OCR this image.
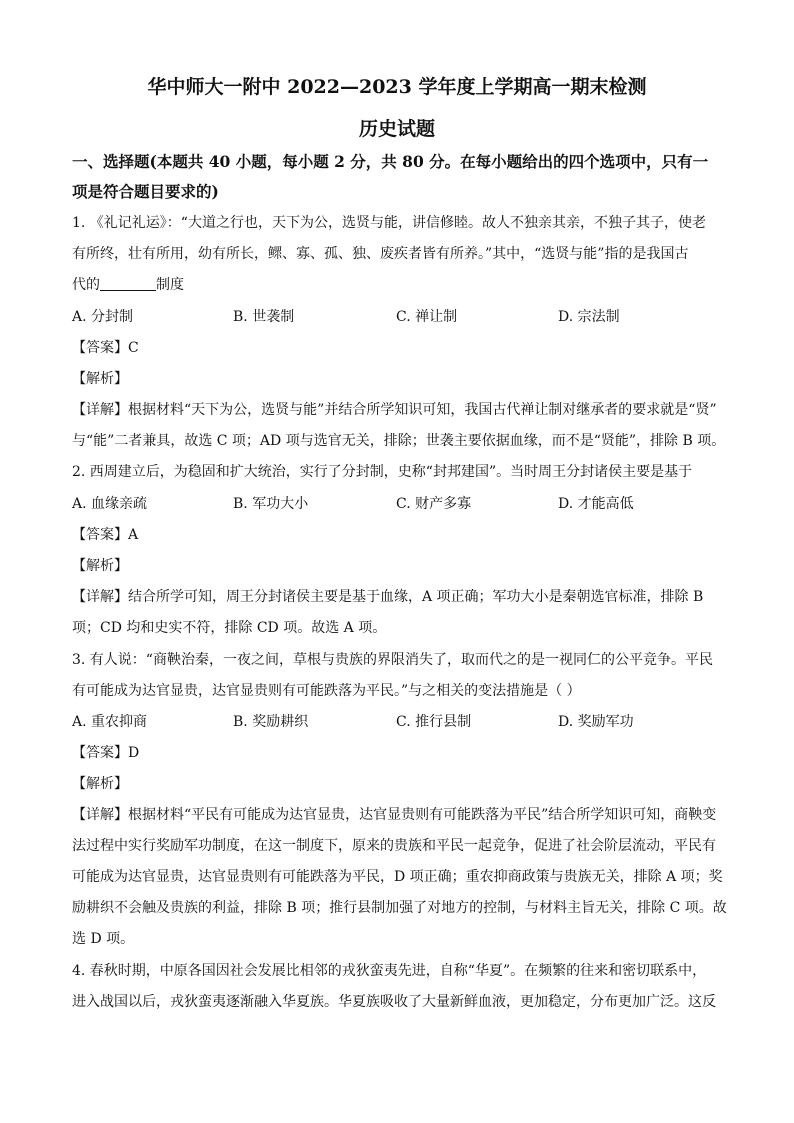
华中师大一附中 2022—2023 学年度上学期高一期末检测
历史试题
一、选择题(本题共 40 小题，每小题 2 分，共 80 分。在每小题给出的四个选项中，只有一
项是符合题目要求的)
1. 《礼记礼运》：“大道之行也，天下为公，选贤与能，讲信修睦。故人不独亲其亲，不独子其子，使老
有所终，壮有所用，幼有所长，鳏、寡、孤、独、废疾者皆有所养。”其中，“选贤与能”指的是我国古
代的	制度
A. 分封制	B. 世袭制	C. 禅让制	D. 宗法制
【答案】C
【解析】
【详解】根据材料“天下为公，选贤与能”并结合所学知识可知，我国古代禅让制对继承者的要求就是“贤”
与“能”二者兼具，故选 C 项；AD 项与选官无关，排除；世袭主要依据血缘，而不是“贤能”，排除 B 项。
2. 西周建立后，为稳固和扩大统治，实行了分封制，史称“封邦建国”。当时周王分封诸侯主要是基于
A. 血缘亲疏	B. 军功大小	C. 财产多寡	D. 才能高低
【答案】A
【解析】
【详解】结合所学可知，周王分封诸侯主要是基于血缘，A 项正确；军功大小是秦朝选官标准，排除 B
项；CD 均和史实不符，排除 CD 项。故选 A 项。
3. 有人说：“商鞅治秦，一夜之间，草根与贵族的界限消失了，取而代之的是一视同仁的公平竞争。平民
有可能成为达官显贵，达官显贵则有可能跌落为平民。”与之相关的变法措施是（ ）
A. 重农抑商	B. 奖励耕织	C. 推行县制	D. 奖励军功
【答案】D
【解析】
【详解】根据材料“平民有可能成为达官显贵，达官显贵则有可能跌落为平民”结合所学知识可知，商鞅变
法过程中实行奖励军功制度，在这一制度下，原来的贵族和平民一起竞争，促进了社会阶层流动，平民有
可能成为达官显贵，达官显贵则有可能跌落为平民，D 项正确；重农抑商政策与贵族无关，排除 A 项；奖
励耕织不会触及贵族的利益，排除 B 项；推行县制加强了对地方的控制，与材料主旨无关，排除 C 项。故
选 D 项。
4. 春秋时期，中原各国因社会发展比相邻的戎狄蛮夷先进，自称“华夏”。在频繁的往来和密切联系中，
进入战国以后，戎狄蛮夷逐渐融入华夏族。华夏族吸收了大量新鲜血液，更加稳定，分布更加广泛。这反
